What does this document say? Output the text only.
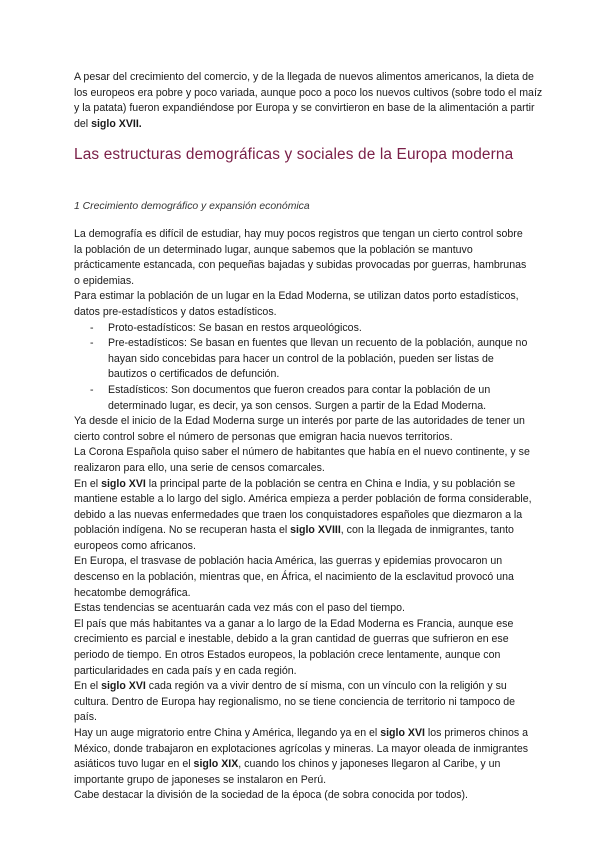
A pesar del crecimiento del comercio, y de la llegada de nuevos alimentos americanos, la dieta de los europeos era pobre y poco variada, aunque poco a poco los nuevos cultivos (sobre todo el maíz y la patata) fueron expandiéndose por Europa y se convirtieron en base de la alimentación a partir del siglo XVII.

Las estructuras demográficas y sociales de la Europa moderna

1 Crecimiento demográfico y expansión económica

La demografía es difícil de estudiar, hay muy pocos registros que tengan un cierto control sobre la población de un determinado lugar, aunque sabemos que la población se mantuvo prácticamente estancada, con pequeñas bajadas y subidas provocadas por guerras, hambrunas o epidemias.

Para estimar la población de un lugar en la Edad Moderna, se utilizan datos porto estadísticos, datos pre-estadísticos y datos estadísticos.

- Proto-estadísticos: Se basan en restos arqueológicos.
- Pre-estadísticos: Se basan en fuentes que llevan un recuento de la población, aunque no hayan sido concebidas para hacer un control de la población, pueden ser listas de bautizos o certificados de defunción.
- Estadísticos: Son documentos que fueron creados para contar la población de un determinado lugar, es decir, ya son censos. Surgen a partir de la Edad Moderna.

Ya desde el inicio de la Edad Moderna surge un interés por parte de las autoridades de tener un cierto control sobre el número de personas que emigran hacia nuevos territorios.

La Corona Española quiso saber el número de habitantes que había en el nuevo continente, y se realizaron para ello, una serie de censos comarcales.

En el siglo XVI la principal parte de la población se centra en China e India, y su población se mantiene estable a lo largo del siglo. América empieza a perder población de forma considerable, debido a las nuevas enfermedades que traen los conquistadores españoles que diezmaron a la población indígena. No se recuperan hasta el siglo XVIII, con la llegada de inmigrantes, tanto europeos como africanos.

En Europa, el trasvase de población hacia América, las guerras y epidemias provocaron un descenso en la población, mientras que, en África, el nacimiento de la esclavitud provocó una hecatombe demográfica.

Estas tendencias se acentuarán cada vez más con el paso del tiempo.

El país que más habitantes va a ganar a lo largo de la Edad Moderna es Francia, aunque ese crecimiento es parcial e inestable, debido a la gran cantidad de guerras que sufrieron en ese periodo de tiempo. En otros Estados europeos, la población crece lentamente, aunque con particularidades en cada país y en cada región.

En el siglo XVI cada región va a vivir dentro de sí misma, con un vínculo con la religión y su cultura. Dentro de Europa hay regionalismo, no se tiene conciencia de territorio ni tampoco de país.

Hay un auge migratorio entre China y América, llegando ya en el siglo XVI los primeros chinos a México, donde trabajaron en explotaciones agrícolas y mineras. La mayor oleada de inmigrantes asiáticos tuvo lugar en el siglo XIX, cuando los chinos y japoneses llegaron al Caribe, y un importante grupo de japoneses se instalaron en Perú.

Cabe destacar la división de la sociedad de la época (de sobra conocida por todos).
